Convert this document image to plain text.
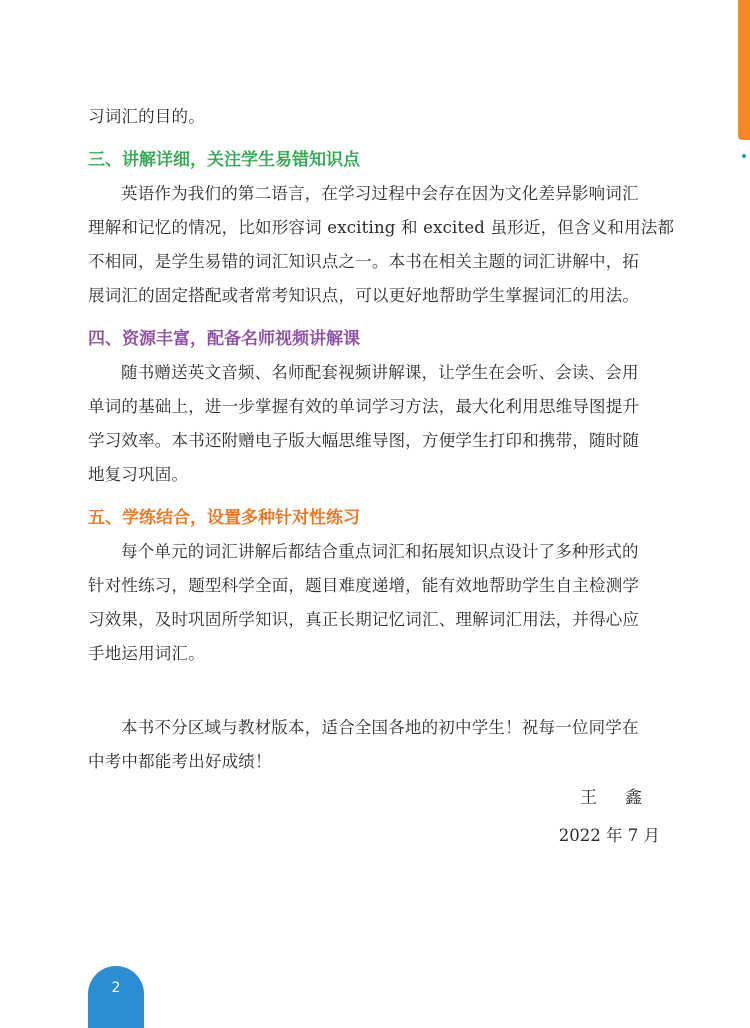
习词汇的目的。
三、讲解详细，关注学生易错知识点
英语作为我们的第二语言，在学习过程中会存在因为文化差异影响词汇
理解和记忆的情况，比如形容词 exciting 和 excited 虽形近，但含义和用法都
不相同，是学生易错的词汇知识点之一。本书在相关主题的词汇讲解中，拓
展词汇的固定搭配或者常考知识点，可以更好地帮助学生掌握词汇的用法。
四、资源丰富，配备名师视频讲解课
随书赠送英文音频、名师配套视频讲解课，让学生在会听、会读、会用
单词的基础上，进一步掌握有效的单词学习方法，最大化利用思维导图提升
学习效率。本书还附赠电子版大幅思维导图，方便学生打印和携带，随时随
地复习巩固。
五、学练结合，设置多种针对性练习
每个单元的词汇讲解后都结合重点词汇和拓展知识点设计了多种形式的
针对性练习，题型科学全面，题目难度递增，能有效地帮助学生自主检测学
习效果，及时巩固所学知识，真正长期记忆词汇、理解词汇用法，并得心应
手地运用词汇。
本书不分区域与教材版本，适合全国各地的初中学生！祝每一位同学在
中考中都能考出好成绩！
王 鑫
2022 年 7 月
2
